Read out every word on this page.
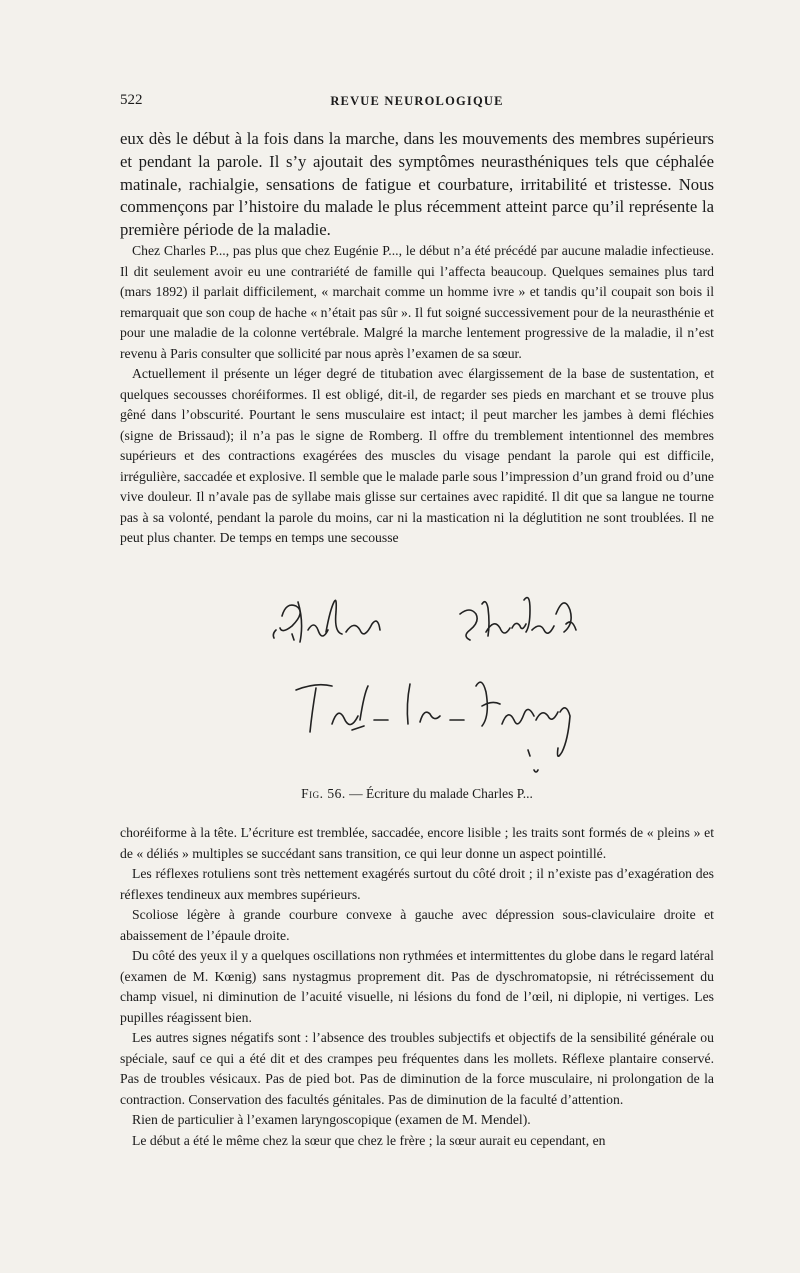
522	REVUE NEUROLOGIQUE

eux dès le début à la fois dans la marche, dans les mouvements des membres supérieurs et pendant la parole. Il s’y ajoutait des symptômes neurasthéniques tels que céphalée matinale, rachialgie, sensations de fatigue et courbature, irritabilité et tristesse. Nous commençons par l’histoire du malade le plus récemment atteint parce qu’il représente la première période de la maladie.

Chez Charles P..., pas plus que chez Eugénie P..., le début n’a été précédé par aucune maladie infectieuse. Il dit seulement avoir eu une contrariété de famille qui l’affecta beaucoup. Quelques semaines plus tard (mars 1892) il parlait difficilement, « marchait comme un homme ivre » et tandis qu’il coupait son bois il remarquait que son coup de hache « n’était pas sûr ». Il fut soigné successivement pour de la neurasthénie et pour une maladie de la colonne vertébrale. Malgré la marche lentement progressive de la maladie, il n’est revenu à Paris consulter que sollicité par nous après l’examen de sa sœur.

Actuellement il présente un léger degré de titubation avec élargissement de la base de sustentation, et quelques secousses choréiformes. Il est obligé, dit-il, de regarder ses pieds en marchant et se trouve plus gêné dans l’obscurité. Pourtant le sens musculaire est intact; il peut marcher les jambes à demi fléchies (signe de Brissaud); il n’a pas le signe de Romberg. Il offre du tremblement intentionnel des membres supérieurs et des contractions exagérées des muscles du visage pendant la parole qui est difficile, irrégulière, saccadée et explosive. Il semble que le malade parle sous l’impression d’un grand froid ou d’une vive douleur. Il n’avale pas de syllabe mais glisse sur certaines avec rapidité. Il dit que sa langue ne tourne pas à sa volonté, pendant la parole du moins, car ni la mastication ni la déglutition ne sont troublées. Il ne peut plus chanter. De temps en temps une secousse

Fig. 56. — Écriture du malade Charles P...

choréiforme à la tête. L’écriture est tremblée, saccadée, encore lisible ; les traits sont formés de « pleins » et de « déliés » multiples se succédant sans transition, ce qui leur donne un aspect pointillé.

Les réflexes rotuliens sont très nettement exagérés surtout du côté droit ; il n’existe pas d’exagération des réflexes tendineux aux membres supérieurs.

Scoliose légère à grande courbure convexe à gauche avec dépression sous-claviculaire droite et abaissement de l’épaule droite.

Du côté des yeux il y a quelques oscillations non rythmées et intermittentes du globe dans le regard latéral (examen de M. Kœnig) sans nystagmus proprement dit. Pas de dyschromatopsie, ni rétrécissement du champ visuel, ni diminution de l’acuité visuelle, ni lésions du fond de l’œil, ni diplopie, ni vertiges. Les pupilles réagissent bien.

Les autres signes négatifs sont : l’absence des troubles subjectifs et objectifs de la sensibilité générale ou spéciale, sauf ce qui a été dit et des crampes peu fréquentes dans les mollets. Réflexe plantaire conservé. Pas de troubles vésicaux. Pas de pied bot. Pas de diminution de la force musculaire, ni prolongation de la contraction. Conservation des facultés génitales. Pas de diminution de la faculté d’attention.

Rien de particulier à l’examen laryngoscopique (examen de M. Mendel).

Le début a été le même chez la sœur que chez le frère ; la sœur aurait eu cependant, en
